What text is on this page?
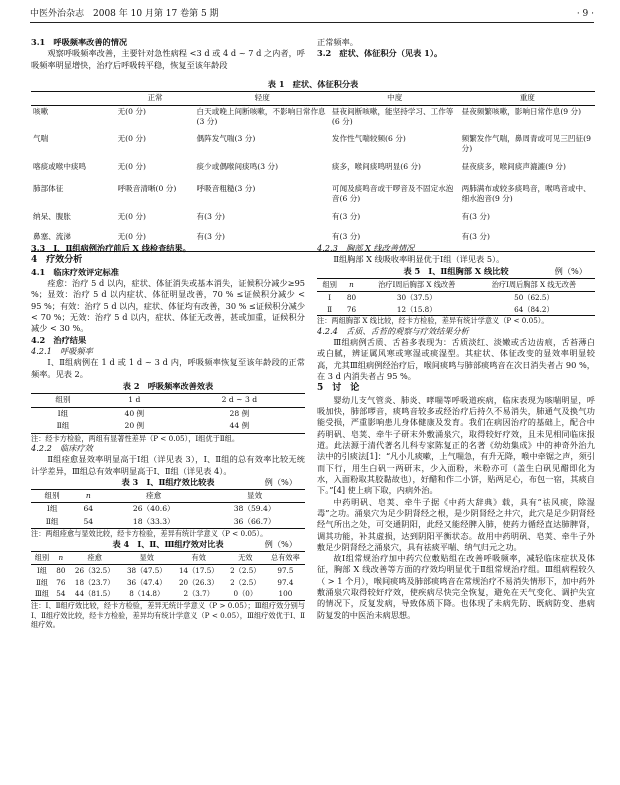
中医外治杂志　2008 年 10 月第 17 卷第 5 期	· 9 ·
3.1　呼吸频率改善的情况

观察呼吸频率改善，主要针对急性病程 <3 d 或 4 d ~ 7 d 之内者，呼吸频率明显增快，治疗后呼吸转平稳，恢复至该年龄段

正常频率。

3.2　症状、体征积分（见表 1）。
表 1　症状、体征积分表
	正常	轻度	中度	重度
咳嗽	无(0 分)	白天或晚上间断咳嗽，不影响日常作息(3 分)	昼夜间断咳嗽，能坚持学习、工作等(6 分)	昼夜频繁咳嗽，影响日常作息(9 分)
气喘	无(0 分)	偶阵发气喘(3 分)	发作性气喘较频(6 分)	频繁发作气喘，鼻周青或可见三凹征(9 分)
喀痰或喉中痰鸣	无(0 分)	痰少或偶喉间痰鸣(3 分)	痰多，喉间痰鸣明显(6 分)	昼夜痰多，喉间痰声漉漉(9 分)
肺部体征	呼吸音清晰(0 分)	呼吸音粗糙(3 分)	可闻及痰鸣音或干啰音及不固定水泡音(6 分)	两肺满布或较多痰鸣音，喉鸣音或中、细水泡音(9 分)
纳呆、腹胀	无(0 分)	有(3 分)	有(3 分)	有(3 分)
鼻塞、流涕	无(0 分)	有(3 分)	有(3 分)	有(3 分)
3.3　Ⅰ、Ⅱ组病例治疗前后 X 线检查结果。
4　疗效分析
4.1　临床疗效评定标准

痊愈：治疗 5 d 以内，症状、体征消失或基本消失，证候积分减少≥95 %；显效：治疗 5 d 以内症状、体征明显改善，70 % ≤证候积分减少 < 95 %；有效：治疗 5 d 以内，症状、体征均有改善，30 % ≤证候积分减少 < 70 %；无效：治疗 5 d 以内，症状、体征无改善，甚或加重，证候积分减少 < 30 %。

4.2　治疗结果
4.2.1　呼吸频率

Ⅰ、Ⅱ组病例在 1 d 或 1 d ~ 3 d 内，呼吸频率恢复至该年龄段的正常频率。见表 2。

表 2　呼吸频率改善效表
组别	1 d	2 d ~ 3 d
Ⅰ组	40 例	28 例
Ⅱ组	20 例	44 例

注：经卡方检验，两组有显著性差异（P < 0.05），Ⅰ组优于Ⅱ组。

4.2.2　临床疗效

Ⅱ组痊愈显效率明显高于Ⅰ组（详见表 3），Ⅰ、Ⅱ组的总有效率比较无统计学差异，Ⅲ组总有效率明显高于Ⅰ、Ⅱ组（详见表 4）。

表 3　Ⅰ、Ⅱ组疗效比较表	例（%）
组别	n	痊愈	显效
Ⅰ组	64	26（40.6）	38（59.4）
Ⅱ组	54	18（33.3）	36（66.7）

注：两组痊愈与显效比较，经卡方检验，差异有统计学意义（P < 0.05）。

表 4　Ⅰ、Ⅱ、Ⅲ组疗效对比表	例（%）
组别	n	痊愈	显效	有效	无效	总有效率
Ⅰ组	80	26（32.5）	38（47.5）	14（17.5）	2（2.5）	97.5
Ⅱ组	76	18（23.7）	36（47.4）	20（26.3）	2（2.5）	97.4
Ⅲ组	54	44（81.5）	8（14.8）	2（3.7）	0（0）	100

注：Ⅰ、Ⅱ组疗效比较，经卡方检验，差异无统计学意义（P > 0.05）；Ⅲ组疗效分别与Ⅰ、Ⅱ组疗效比较，经卡方检验，差异均有统计学意义（P < 0.05），Ⅲ组疗效优于Ⅰ、Ⅱ组疗效。

4.2.3　胸部 X 线改善情况

Ⅱ组胸部 X 线吸收率明显优于Ⅰ组（详见表 5）。

表 5　Ⅰ、Ⅱ组胸部 X 线比较	例（%）
组别	n	治疗Ⅰ周后胸部 X 线改善	治疗Ⅰ周后胸部 X 线无改善
Ⅰ	80	30（37.5）	50（62.5）
Ⅱ	76	12（15.8）	64（84.2）

注：两组胸部 X 线比较，经卡方检验，差异有统计学意义（P < 0.05）。

4.2.4　舌质、舌苔的观察与疗效结果分析

Ⅲ组病例舌质、舌苔多表现为：舌质淡红、淡嫩或舌边齿痕，舌苔薄白或白腻，辨证属风寒或寒湿或痰湿型。其症状、体征改变的显效率明显较高，尤其Ⅲ组病例经治疗后，喉间痰鸣与肺部痰鸣音在次日消失者占 90 %，在 3 d 内消失者占 95 %。

5　讨　论

婴幼儿支气管炎、肺炎、哮喘等呼吸道疾病，临床表现为咳喘明显，呼吸加快，肺部啰音，痰鸣音较多或经治疗后持久不易消失，肺通气及换气功能受损，严重影响患儿身体健康及发育。我们在病因治疗的基础上，配合中药明矾、皂荚、牵牛子研末外敷涌泉穴，取得较好疗效，且未见相同临床报道。此法源于清代著名儿科专家陈复正的名著《幼幼集成》中的神奇外治九法中的引痰法[1]：“凡小儿痰嗽，上气喘急，有升无降，喉中牵锯之声，须引而下行，用生白矾一两研末，少入面粉，米粉亦可（盖生白矾见醋即化为水，入面粉取其胶黏故也），好醋和作二小饼，贴两足心，布包一宿，其痰自下。”[4] 使上病下取，内病外治。

中药明矾、皂荚、牵牛子据《中药大辞典》载，具有“祛风痰，除湿毒”之功。涌泉穴为足少阴肾经之根，是少阴肾经之井穴，此穴是足少阴肾经经气所出之处，可交通阴阳，此经又能经脾入肺，使药力循经直达肺脾肾，调其功能，补其虚损，达到阴阳平衡状态。故用中药明矾、皂荚、牵牛子外敷足少阴肾经之涌泉穴，具有祛痰平喘、纳气归元之功。

故Ⅰ组常规治疗加中药穴位敷贴组在改善呼吸频率，减轻临床症状及体征，胸部 X 线改善等方面的疗效均明显优于Ⅱ组常规治疗组。Ⅲ组病程较久（ > 1 个月），喉间痰鸣及肺部痰鸣音在常规治疗不易消失情形下，加中药外敷涌泉穴取得较好疗效，使疾病尽快完全恢复，避免在天气变化、调护失宜的情况下，反复发病，导致体质下降。也体现了未病先防、既病防变、患病防复发的中医治未病思想。
